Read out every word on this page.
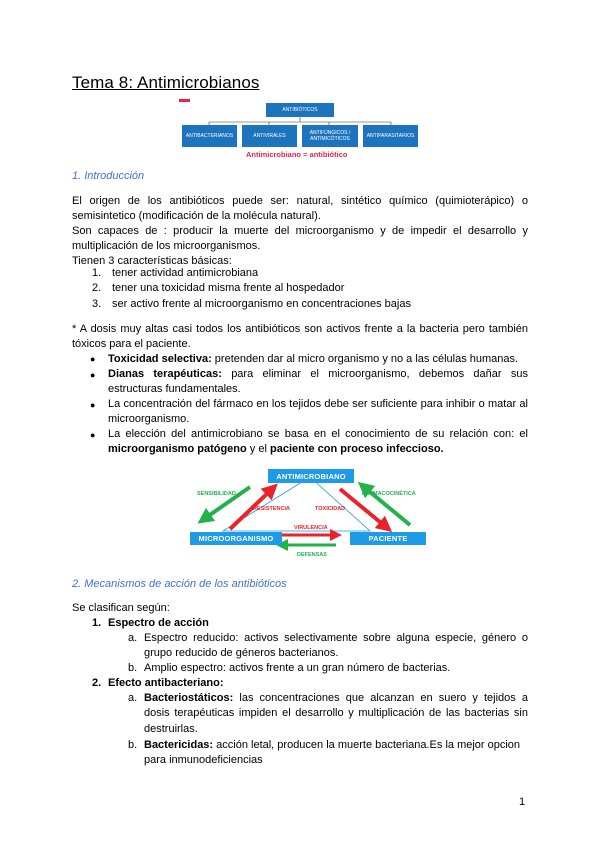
Tema 8: Antimicrobianos
ANTIBIÓTICOS
ANTIBACTERIANOS	ANTIVIRALES	ANTIFÚNGICOS / ANTIMICÓTICOS	ANTIPARASITARIOS
Antimicrobiano = antibiótico
1. Introducción
El origen de los antibióticos puede ser: natural, sintético químico (quimioterápico) o semisintetico (modificación de la molécula natural).
Son capaces de : producir la muerte del microorganismo y de impedir el desarrollo y multiplicación de los microorganismos.
Tienen 3 características básicas:
1. tener actividad antimicrobiana
2. tener una toxicidad misma frente al hospedador
3. ser activo frente al microorganismo en concentraciones bajas
* A dosis muy altas casi todos los antibióticos son activos frente a la bacteria pero también tóxicos para el paciente.
● Toxicidad selectiva: pretenden dar al micro organismo y no a las células humanas.
● Dianas terapéuticas: para eliminar el microorganismo, debemos dañar sus estructuras fundamentales.
● La concentración del fármaco en los tejidos debe ser suficiente para inhibir o matar al microorganismo.
● La elección del antimicrobiano se basa en el conocimiento de su relación con: el microorganismo patógeno y el paciente con proceso infeccioso.
ANTIMICROBIANO
MICROORGANISMO	PACIENTE
SENSIBILIDAD	FARMACOCINÉTICA
RESISTENCIA	TOXICIDAD
VIRULENCIA
DEFENSAS
2. Mecanismos de acción de los antibióticos
Se clasifican según:
1. Espectro de acción
a. Espectro reducido: activos selectivamente sobre alguna especie, género o grupo reducido de géneros bacterianos.
b. Amplio espectro: activos frente a un gran número de bacterias.
2. Efecto antibacteriano:
a. Bacteriostáticos: las concentraciones que alcanzan en suero y tejidos a dosis terapéuticas impiden el desarrollo y multiplicación de las bacterias sin destruirlas.
b. Bactericidas: acción letal, producen la muerte bacteriana.Es la mejor opcion para inmunodeficiencias
1
